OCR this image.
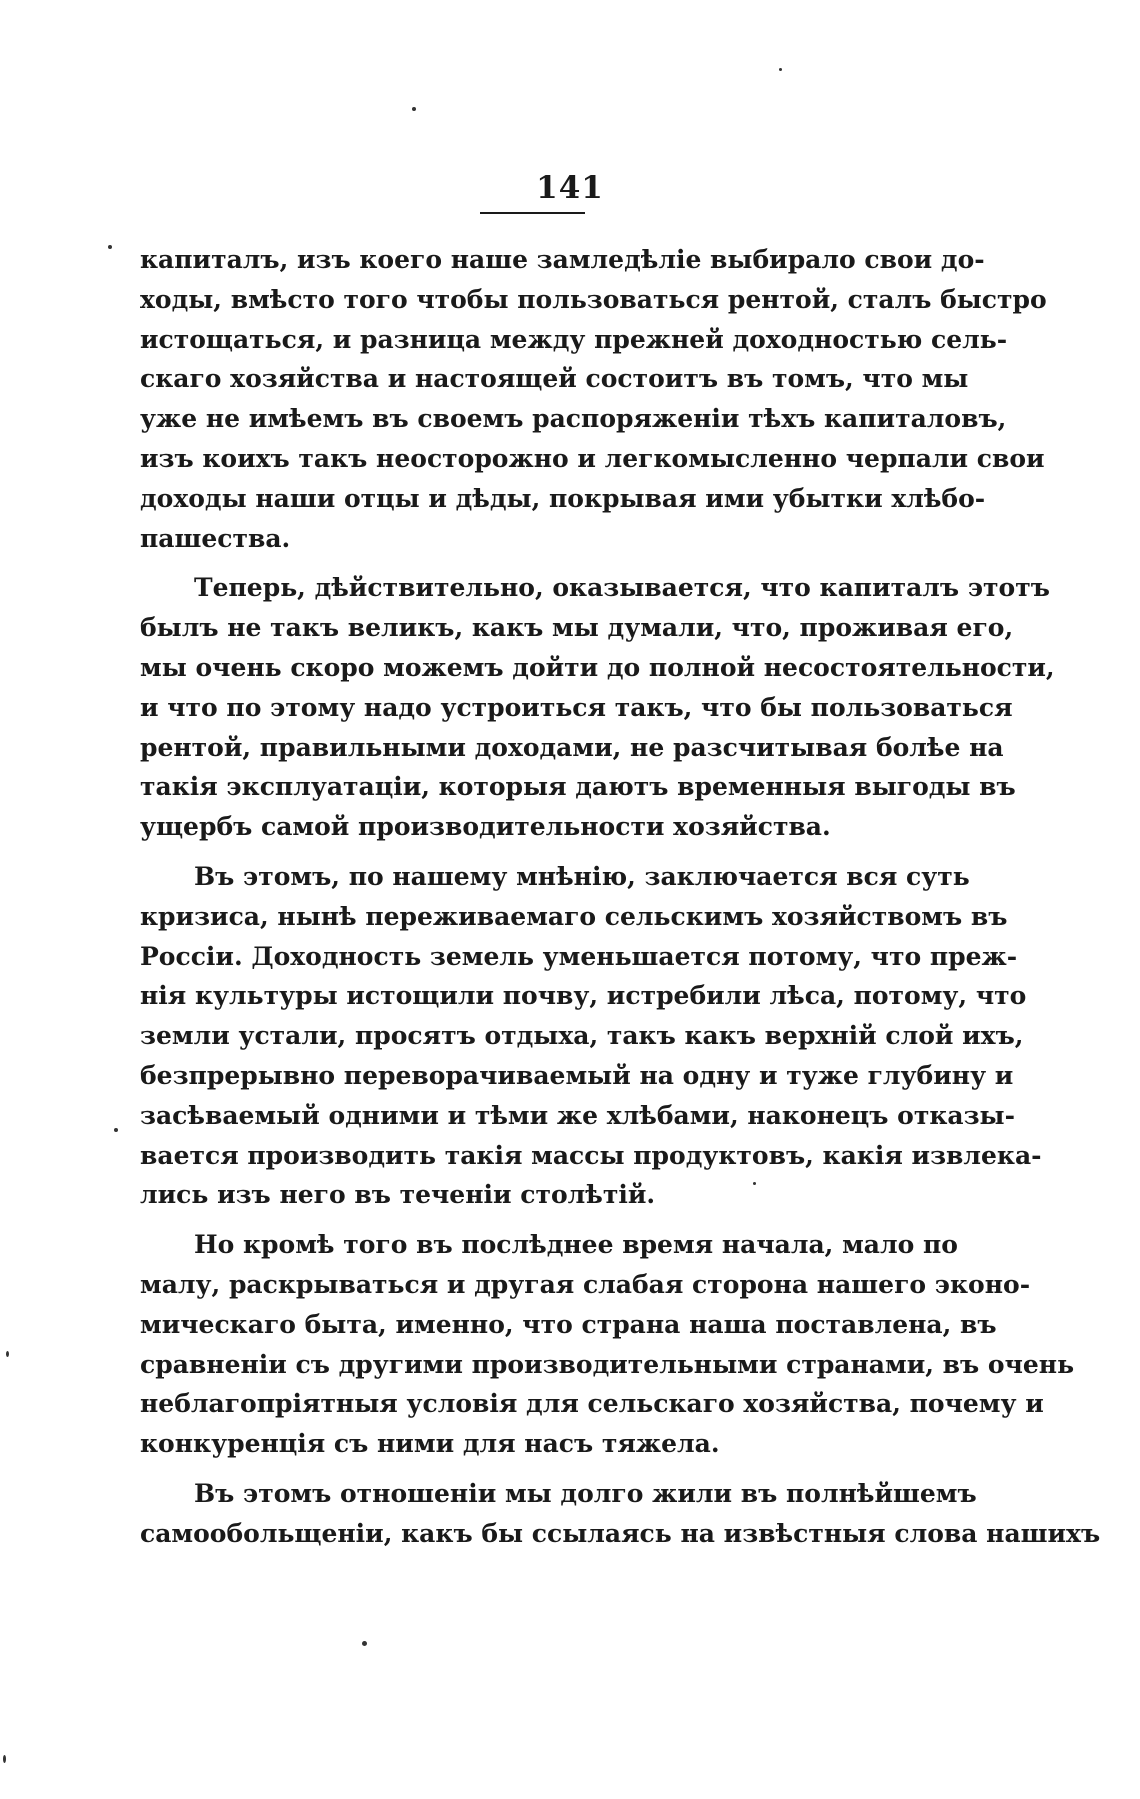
141
капиталъ, изъ коего наше замледѣліе выбирало свои до-
ходы, вмѣсто того чтобы пользоваться рентой, сталъ быстро
истощаться, и разница между прежней доходностью сель-
скаго хозяйства и настоящей состоитъ въ томъ, что мы
уже не имѣемъ въ своемъ распоряженіи тѣхъ капиталовъ,
изъ коихъ такъ неосторожно и легкомысленно черпали свои
доходы наши отцы и дѣды, покрывая ими убытки хлѣбо-
пашества.
Теперь, дѣйствительно, оказывается, что капиталъ этотъ
былъ не такъ великъ, какъ мы думали, что, проживая его,
мы очень скоро можемъ дойти до полной несостоятельности,
и что по этому надо устроиться такъ, что бы пользоваться
рентой, правильными доходами, не разсчитывая болѣе на
такія эксплуатаціи, которыя даютъ временныя выгоды въ
ущербъ самой производительности хозяйства.
Въ этомъ, по нашему мнѣнію, заключается вся суть
кризиса, нынѣ переживаемаго сельскимъ хозяйствомъ въ
Россіи. Доходность земель уменьшается потому, что преж-
нія культуры истощили почву, истребили лѣса, потому, что
земли устали, просятъ отдыха, такъ какъ верхній слой ихъ,
безпрерывно переворачиваемый на одну и туже глубину и
засѣваемый одними и тѣми же хлѣбами, наконецъ отказы-
вается производить такія массы продуктовъ, какія извлека-
лись изъ него въ теченіи столѣтій.
Но кромѣ того въ послѣднее время начала, мало по
малу, раскрываться и другая слабая сторона нашего эконо-
мическаго быта, именно, что страна наша поставлена, въ
сравненіи съ другими производительными странами, въ очень
неблагопріятныя условія для сельскаго хозяйства, почему и
конкуренція съ ними для насъ тяжела.
Въ этомъ отношеніи мы долго жили въ полнѣйшемъ
самообольщеніи, какъ бы ссылаясь на извѣстныя слова нашихъ
